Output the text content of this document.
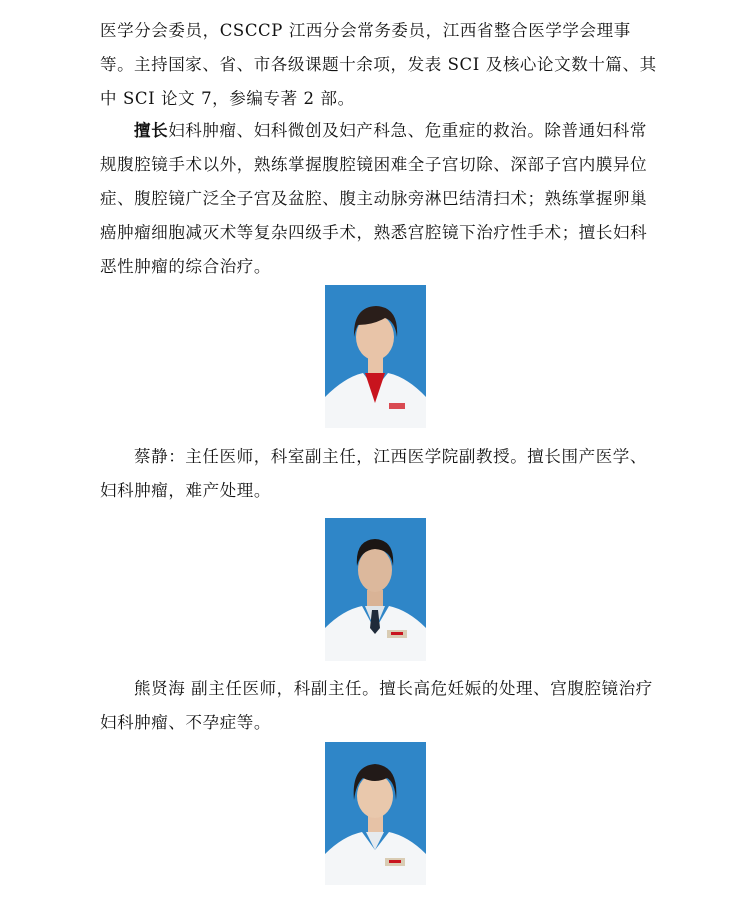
医学分会委员，CSCCP 江西分会常务委员，江西省整合医学学会理事等。 主持国家、省、市各级课题十余项，发表 SCI 及核心论文数十篇、其中 SCI 论文 7，参编专著 2 部。

擅长妇科肿瘤、妇科微创及妇产科急、危重症的救治。除普通妇科常规腹腔镜手术以外，熟练掌握腹腔镜困难全子宫切除、深部子宫内膜异位症、腹腔镜广泛全子宫及盆腔、腹主动脉旁淋巴结清扫术；熟练掌握卵巢癌肿瘤细胞减灭术等复杂四级手术，熟悉宫腔镜下治疗性手术；擅长妇科恶性肿瘤的综合治疗。

蔡静：主任医师，科室副主任，江西医学院副教授。擅长围产医学、妇科肿瘤，难产处理。

熊贤海 副主任医师，科副主任。擅长高危妊娠的处理、宫腹腔镜治疗妇科肿瘤、不孕症等。
